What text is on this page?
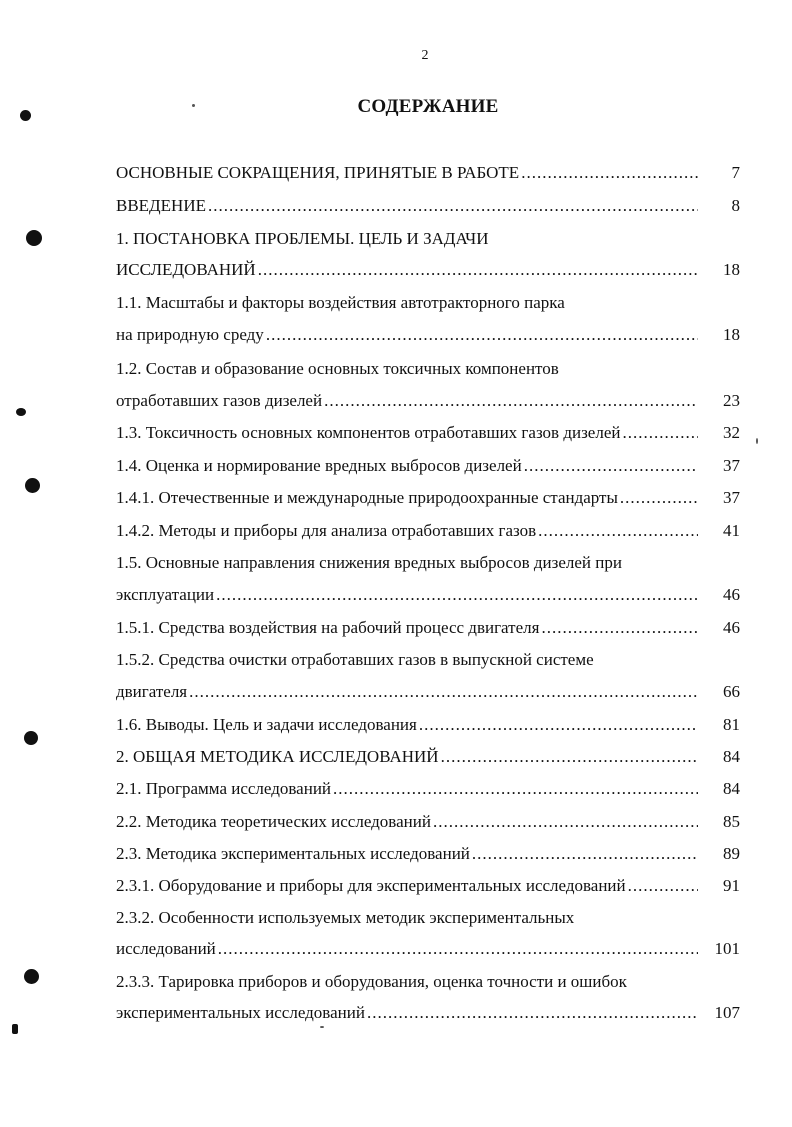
2
СОДЕРЖАНИЕ
ОСНОВНЫЕ СОКРАЩЕНИЯ, ПРИНЯТЫЕ В РАБОТЕ .....	7
ВВЕДЕНИЕ .....	8
1. ПОСТАНОВКА ПРОБЛЕМЫ. ЦЕЛЬ И ЗАДАЧИ
ИССЛЕДОВАНИЙ .....	18
1.1. Масштабы и факторы воздействия автотракторного парка
на природную среду .....	18
1.2. Состав и образование основных токсичных компонентов
отработавших газов дизелей .....	23
1.3. Токсичность основных компонентов отработавших газов дизелей .....	32
1.4. Оценка и нормирование вредных выбросов дизелей .....	37
1.4.1. Отечественные и международные природоохранные стандарты .....	37
1.4.2. Методы и приборы для анализа отработавших газов .....	41
1.5. Основные направления снижения вредных выбросов дизелей при
эксплуатации .....	46
1.5.1. Средства воздействия на рабочий процесс двигателя .....	46
1.5.2. Средства очистки отработавших газов в выпускной системе
двигателя .....	66
1.6. Выводы. Цель и задачи исследования .....	81
2. ОБЩАЯ МЕТОДИКА ИССЛЕДОВАНИЙ .....	84
2.1. Программа исследований .....	84
2.2. Методика теоретических исследований .....	85
2.3. Методика экспериментальных исследований .....	89
2.3.1. Оборудование и приборы для экспериментальных исследований .....	91
2.3.2. Особенности используемых методик экспериментальных
исследований .....	101
2.3.3. Тарировка приборов и оборудования, оценка точности и ошибок
экспериментальных исследований .....	107
